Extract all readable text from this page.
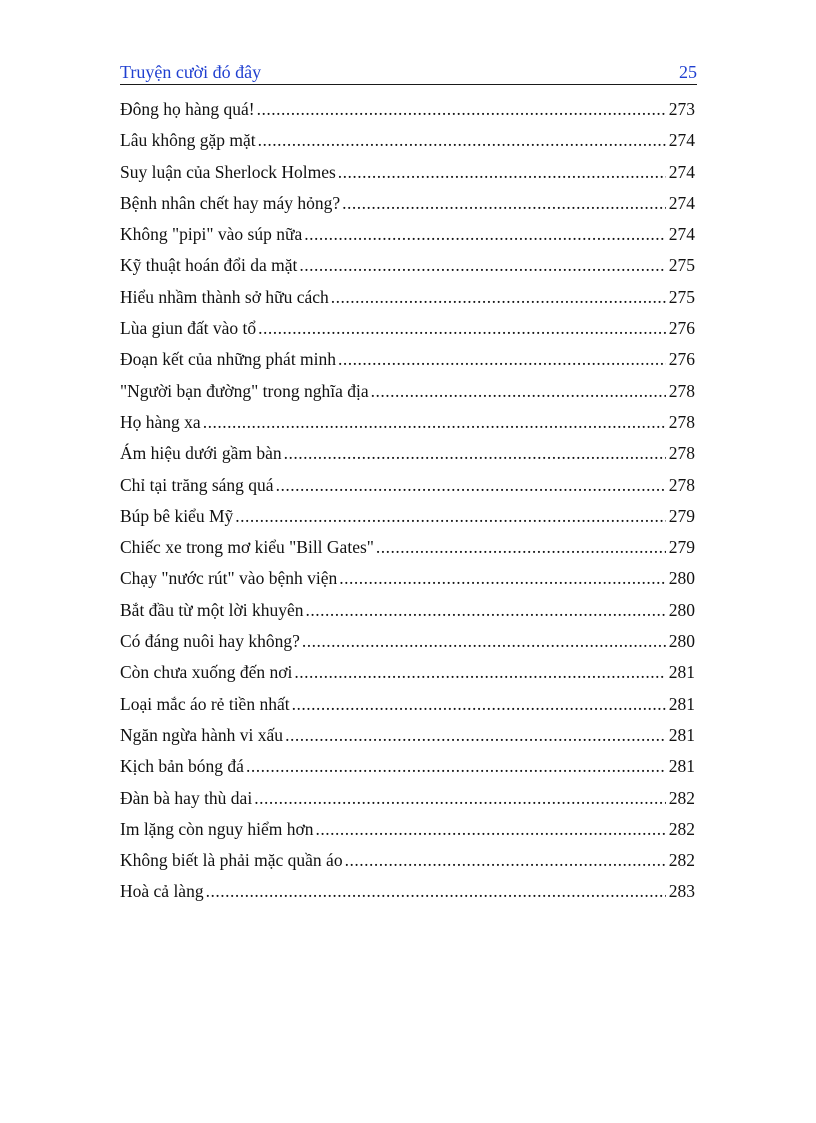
Truyện cười đó đây	25
Đông họ hàng quá! .....	273
Lâu không gặp mặt .....	274
Suy luận của Sherlock Holmes .....	274
Bệnh nhân chết hay máy hỏng? .....	274
Không "pipi" vào súp nữa .....	274
Kỹ thuật hoán đổi da mặt .....	275
Hiểu nhầm thành sở hữu cách .....	275
Lùa giun đất vào tổ .....	276
Đoạn kết của những phát minh .....	276
"Người bạn đường" trong nghĩa địa .....	278
Họ hàng xa .....	278
Ám hiệu dưới gầm bàn .....	278
Chỉ tại trăng sáng quá .....	278
Búp bê kiểu Mỹ .....	279
Chiếc xe trong mơ kiểu "Bill Gates" .....	279
Chạy "nước rút" vào bệnh viện .....	280
Bắt đầu từ một lời khuyên .....	280
Có đáng nuôi hay không? .....	280
Còn chưa xuống đến nơi .....	281
Loại mắc áo rẻ tiền nhất .....	281
Ngăn ngừa hành vi xấu .....	281
Kịch bản bóng đá .....	281
Đàn bà hay thù dai .....	282
Im lặng còn nguy hiểm hơn .....	282
Không biết là phải mặc quần áo .....	282
Hoà cả làng .....	283
